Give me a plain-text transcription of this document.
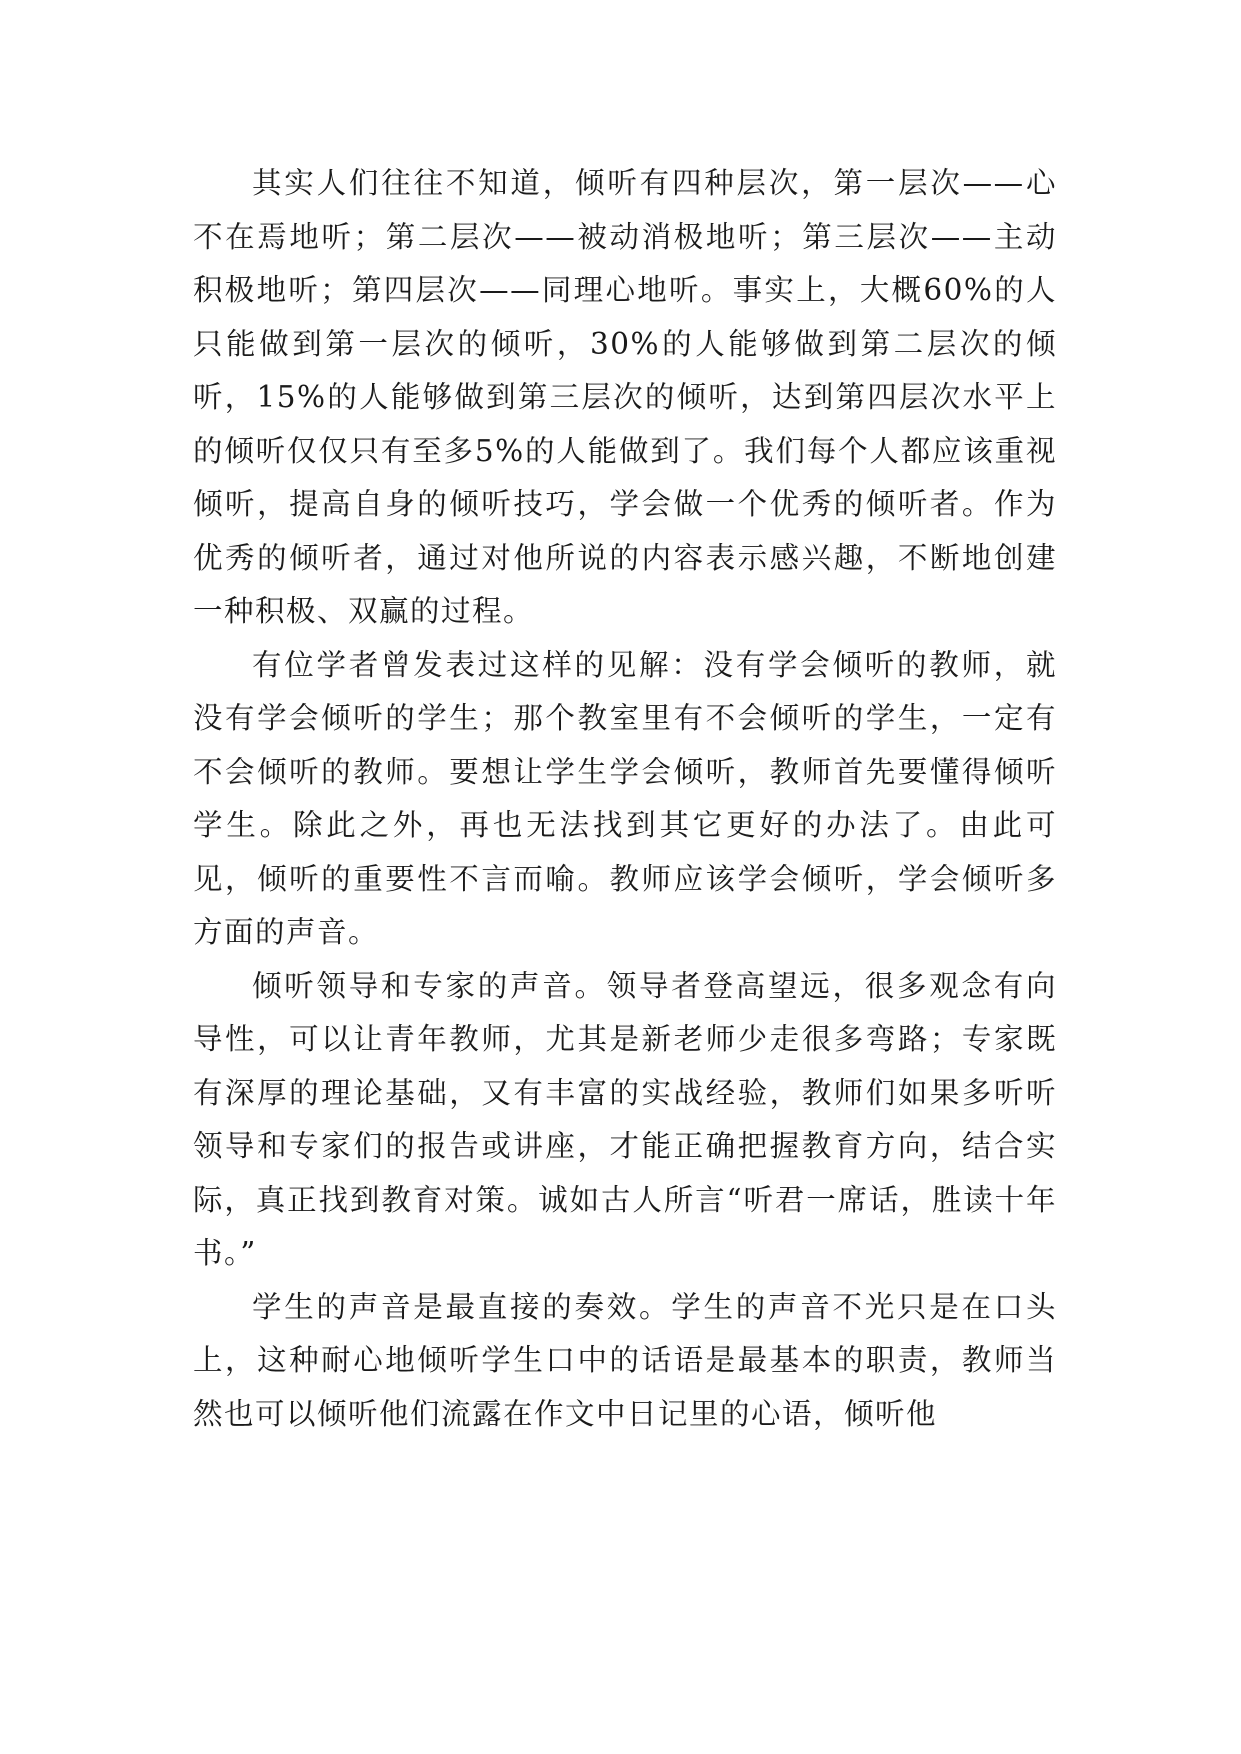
其实人们往往不知道，倾听有四种层次，第一层次——心不在焉地听；第二层次——被动消极地听；第三层次——主动积极地听；第四层次——同理心地听。事实上，大概60%的人只能做到第一层次的倾听，30%的人能够做到第二层次的倾听，15%的人能够做到第三层次的倾听，达到第四层次水平上的倾听仅仅只有至多5%的人能做到了。我们每个人都应该重视倾听，提高自身的倾听技巧，学会做一个优秀的倾听者。作为优秀的倾听者，通过对他所说的内容表示感兴趣，不断地创建一种积极、双赢的过程。

有位学者曾发表过这样的见解：没有学会倾听的教师，就没有学会倾听的学生；那个教室里有不会倾听的学生，一定有不会倾听的教师。要想让学生学会倾听，教师首先要懂得倾听学生。除此之外，再也无法找到其它更好的办法了。由此可见，倾听的重要性不言而喻。教师应该学会倾听，学会倾听多方面的声音。

倾听领导和专家的声音。领导者登高望远，很多观念有向导性，可以让青年教师，尤其是新老师少走很多弯路；专家既有深厚的理论基础，又有丰富的实战经验，教师们如果多听听领导和专家们的报告或讲座，才能正确把握教育方向，结合实际，真正找到教育对策。诚如古人所言“听君一席话，胜读十年书。”

学生的声音是最直接的奏效。学生的声音不光只是在口头上，这种耐心地倾听学生口中的话语是最基本的职责，教师当然也可以倾听他们流露在作文中日记里的心语，倾听他
